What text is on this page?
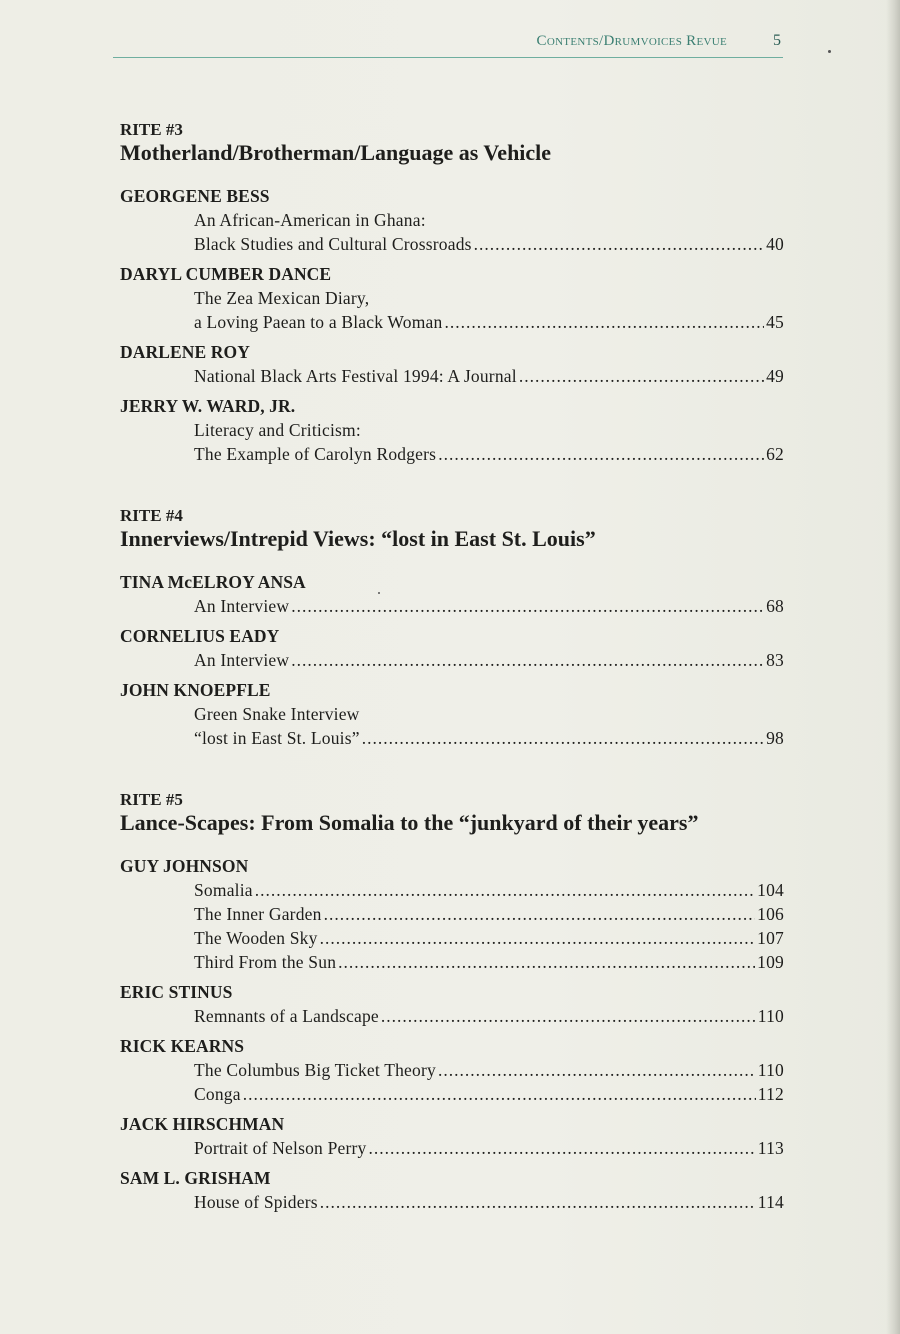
Contents/Drumvoices Revue	5
RITE #3
Motherland/Brotherman/Language as Vehicle
GEORGENE BESS
An African-American in Ghana:
Black Studies and Cultural Crossroads .....	40
DARYL CUMBER DANCE
The Zea Mexican Diary,
a Loving Paean to a Black Woman .....	45
DARLENE ROY
National Black Arts Festival 1994: A Journal .....	49
JERRY W. WARD, JR.
Literacy and Criticism:
The Example of Carolyn Rodgers .....	62
RITE #4
Innerviews/Intrepid Views: “lost in East St. Louis”
TINA McELROY ANSA
An Interview .....	68
CORNELIUS EADY
An Interview .....	83
JOHN KNOEPFLE
Green Snake Interview
“lost in East St. Louis” .....	98
RITE #5
Lance-Scapes: From Somalia to the “junkyard of their years”
GUY JOHNSON
Somalia .....	104
The Inner Garden .....	106
The Wooden Sky .....	107
Third From the Sun .....	109
ERIC STINUS
Remnants of a Landscape .....	110
RICK KEARNS
The Columbus Big Ticket Theory .....	110
Conga .....	112
JACK HIRSCHMAN
Portrait of Nelson Perry .....	113
SAM L. GRISHAM
House of Spiders .....	114
